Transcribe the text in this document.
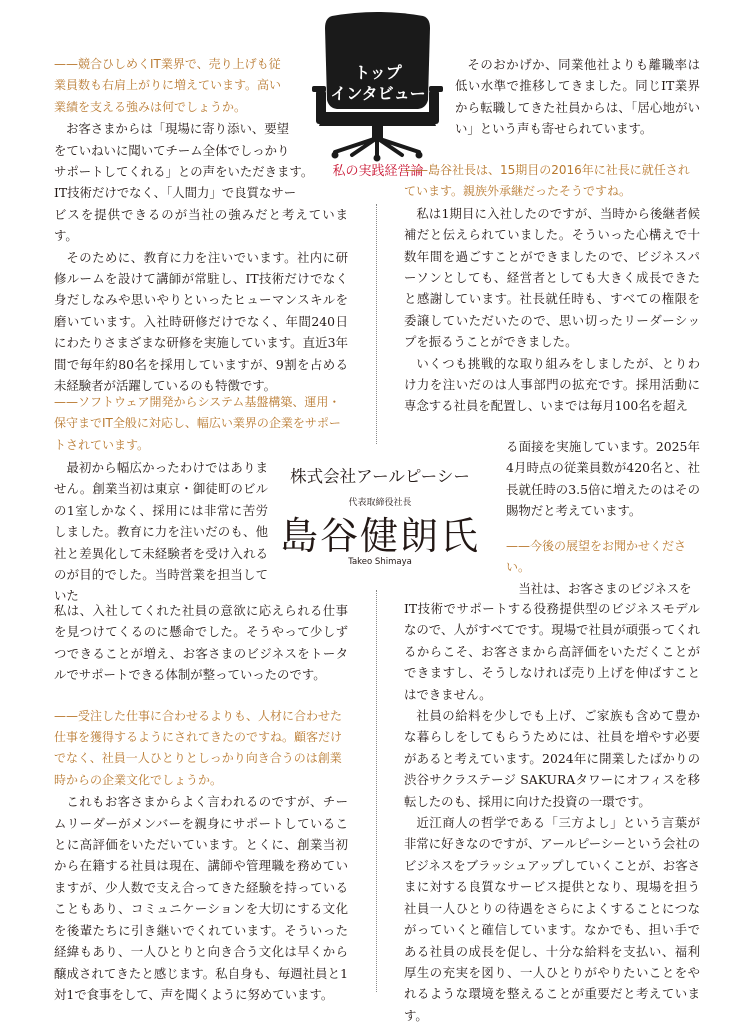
トップ
インタビュー
私の実践経営論
株式会社アールピーシー
代表取締役社長
島谷健朗氏
Takeo Shimaya

——競合ひしめくIT業界で、売り上げも従
業員数も右肩上がりに増えています。高い
業績を支える強みは何でしょうか。

お客さまからは「現場に寄り添い、要望

をていねいに聞いてチーム全体でしっかり
サポートしてくれる」との声をいただきます。
IT技術だけでなく、「人間力」で良質なサー
ビスを提供できるのが当社の強みだと考えています。

そのために、教育に力を注いでいます。社内に研修ルームを設けて講師が常駐し、IT技術だけでなく身だしなみや思いやりといったヒューマンスキルを磨いています。入社時研修だけでなく、年間240日にわたりさまざまな研修を実施しています。直近3年間で毎年約80名を採用していますが、9割を占める未経験者が活躍しているのも特徴です。

——ソフトウェア開発からシステム基盤構築、運用・保守までIT全般に対応し、幅広い業界の企業をサポートされています。

最初から幅広かったわけではありません。創業当初は東京・御徒町のビルの1室しかなく、採用には非常に苦労しました。教育に力を注いだのも、他社と差異化して未経験者を受け入れるのが目的でした。当時営業を担当していた

私は、入社してくれた社員の意欲に応えられる仕事を見つけてくるのに懸命でした。そうやって少しずつできることが増え、お客さまのビジネスをトータルでサポートできる体制が整っていったのです。

——受注した仕事に合わせるよりも、人材に合わせた仕事を獲得するようにされてきたのですね。顧客だけでなく、社員一人ひとりとしっかり向き合うのは創業時からの企業文化でしょうか。

これもお客さまからよく言われるのですが、チームリーダーがメンバーを親身にサポートしていることに高評価をいただいています。とくに、創業当初から在籍する社員は現在、講師や管理職を務めていますが、少人数で支え合ってきた経験を持っていることもあり、コミュニケーションを大切にする文化を後輩たちに引き継いでくれています。そういった経緯もあり、一人ひとりと向き合う文化は早くから醸成されてきたと感じます。私自身も、毎週社員と1対1で食事をして、声を聞くように努めています。

そのおかげか、同業他社よりも離職率は低い水準で推移してきました。同じIT業界から転職してきた社員からは、「居心地がいい」という声も寄せられています。

——島谷社長は、15期目の2016年に社長に就任されています。親族外承継だったそうですね。

私は1期目に入社したのですが、当時から後継者候補だと伝えられていました。そういった心構えで十数年間を過ごすことができましたので、ビジネスパーソンとしても、経営者としても大きく成長できたと感謝しています。社長就任時も、すべての権限を委譲していただいたので、思い切ったリーダーシップを振るうことができました。

いくつも挑戦的な取り組みをしましたが、とりわけ力を注いだのは人事部門の拡充です。採用活動に専念する社員を配置し、いまでは毎月100名を超え

る面接を実施しています。2025年4月時点の従業員数が420名と、社長就任時の3.5倍に増えたのはその賜物だと考えています。

——今後の展望をお聞かせください。

当社は、お客さまのビジネスを

IT技術でサポートする役務提供型のビジネスモデルなので、人がすべてです。現場で社員が頑張ってくれるからこそ、お客さまから高評価をいただくことができますし、そうしなければ売り上げを伸ばすことはできません。

社員の給料を少しでも上げ、ご家族も含めて豊かな暮らしをしてもらうためには、社員を増やす必要があると考えています。2024年に開業したばかりの渋谷サクラステージ SAKURAタワーにオフィスを移転したのも、採用に向けた投資の一環です。

近江商人の哲学である「三方よし」という言葉が非常に好きなのですが、アールピーシーという会社のビジネスをブラッシュアップしていくことが、お客さまに対する良質なサービス提供となり、現場を担う社員一人ひとりの待遇をさらによくすることにつながっていくと確信しています。なかでも、担い手である社員の成長を促し、十分な給料を支払い、福利厚生の充実を図り、一人ひとりがやりたいことをやれるような環境を整えることが重要だと考えています。
